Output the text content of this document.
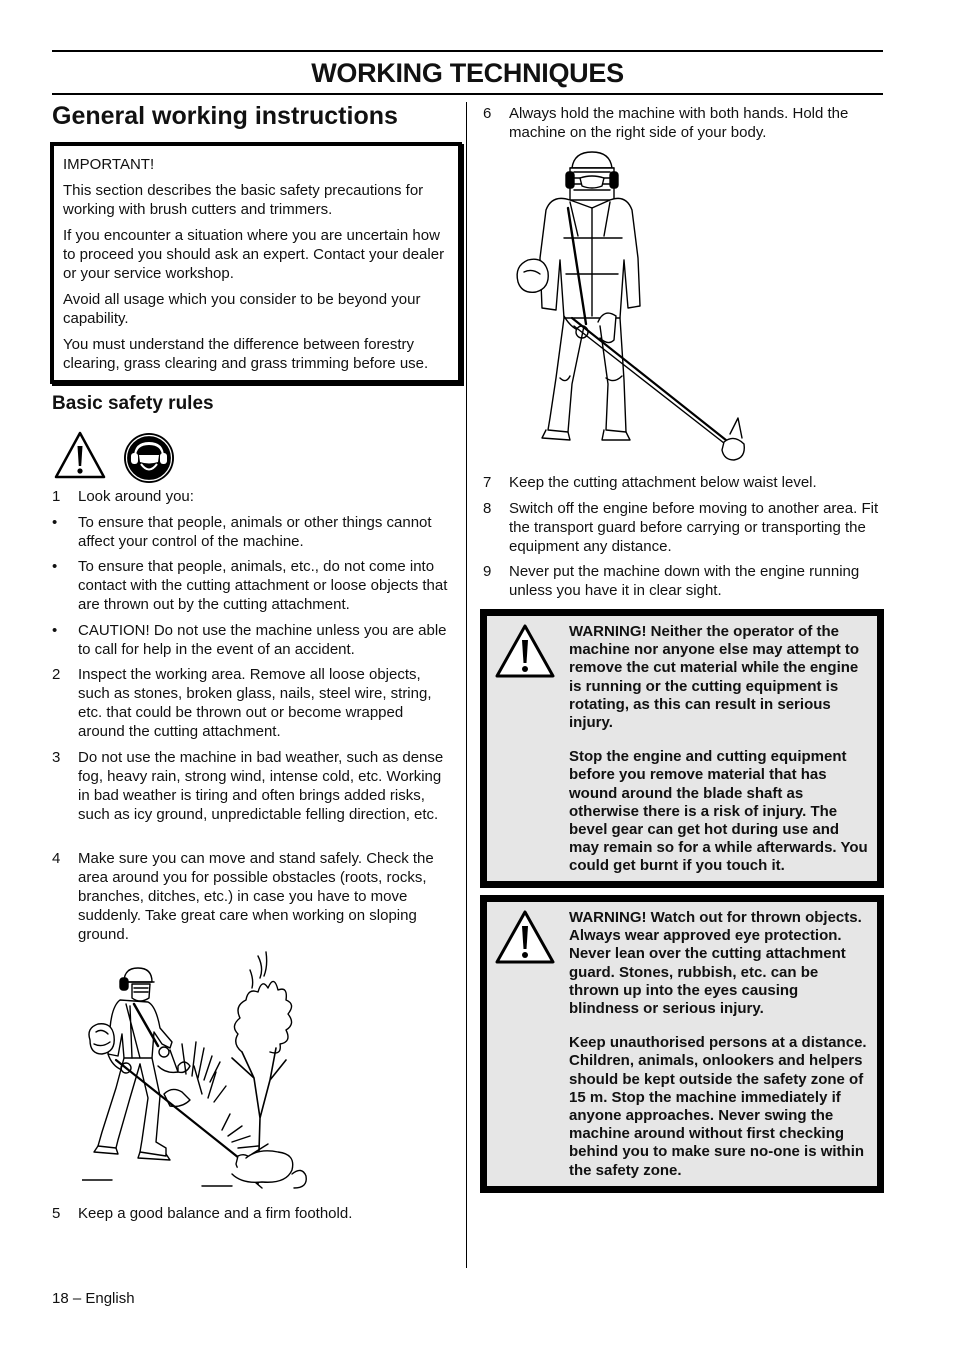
WORKING TECHNIQUES
General working instructions

IMPORTANT!

This section describes the basic safety precautions for working with brush cutters and trimmers.

If you encounter a situation where you are uncertain how to proceed you should ask an expert. Contact your dealer or your service workshop.

Avoid all usage which you consider to be beyond your capability.

You must understand the difference between forestry clearing, grass clearing and grass trimming before use.

Basic safety rules
1 Look around you:
• To ensure that people, animals or other things cannot affect your control of the machine.
• To ensure that people, animals, etc., do not come into contact with the cutting attachment or loose objects that are thrown out by the cutting attachment.
• CAUTION! Do not use the machine unless you are able to call for help in the event of an accident.
2 Inspect the working area. Remove all loose objects, such as stones, broken glass, nails, steel wire, string, etc. that could be thrown out or become wrapped around the cutting attachment.
3 Do not use the machine in bad weather, such as dense fog, heavy rain, strong wind, intense cold, etc. Working in bad weather is tiring and often brings added risks, such as icy ground, unpredictable felling direction, etc.
4 Make sure you can move and stand safely. Check the area around you for possible obstacles (roots, rocks, branches, ditches, etc.) in case you have to move suddenly. Take great care when working on sloping ground.
5 Keep a good balance and a firm foothold.
6 Always hold the machine with both hands. Hold the machine on the right side of your body.
7 Keep the cutting attachment below waist level.
8 Switch off the engine before moving to another area. Fit the transport guard before carrying or transporting the equipment any distance.
9 Never put the machine down with the engine running unless you have it in clear sight.

WARNING! Neither the operator of the machine nor anyone else may attempt to remove the cut material while the engine is running or the cutting equipment is rotating, as this can result in serious injury.

Stop the engine and cutting equipment before you remove material that has wound around the blade shaft as otherwise there is a risk of injury. The bevel gear can get hot during use and may remain so for a while afterwards. You could get burnt if you touch it.

WARNING! Watch out for thrown objects. Always wear approved eye protection. Never lean over the cutting attachment guard. Stones, rubbish, etc. can be thrown up into the eyes causing blindness or serious injury.

Keep unauthorised persons at a distance. Children, animals, onlookers and helpers should be kept outside the safety zone of 15 m. Stop the machine immediately if anyone approaches. Never swing the machine around without first checking behind you to make sure no-one is within the safety zone.

18 – English
